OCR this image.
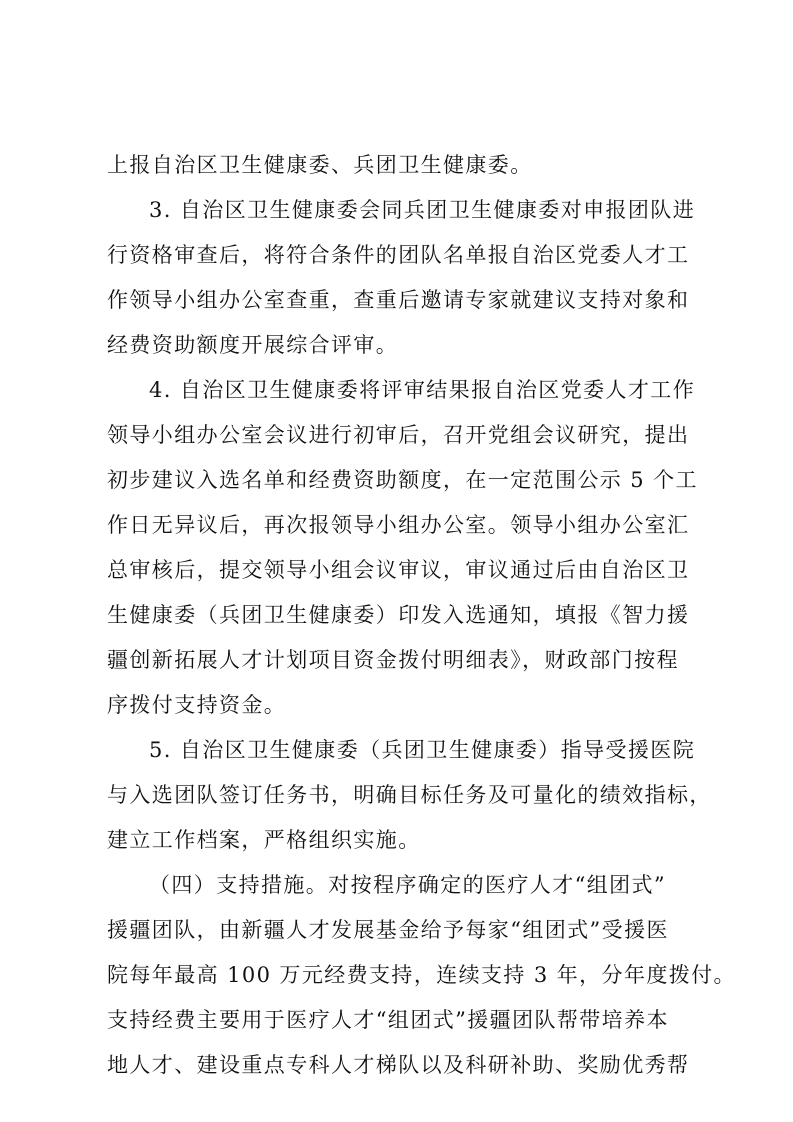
上报自治区卫生健康委、兵团卫生健康委。
3. 自治区卫生健康委会同兵团卫生健康委对申报团队进
行资格审查后，将符合条件的团队名单报自治区党委人才工
作领导小组办公室查重，查重后邀请专家就建议支持对象和
经费资助额度开展综合评审。
4. 自治区卫生健康委将评审结果报自治区党委人才工作
领导小组办公室会议进行初审后，召开党组会议研究，提出
初步建议入选名单和经费资助额度，在一定范围公示 5 个工
作日无异议后，再次报领导小组办公室。领导小组办公室汇
总审核后，提交领导小组会议审议，审议通过后由自治区卫
生健康委（兵团卫生健康委）印发入选通知，填报《智力援
疆创新拓展人才计划项目资金拨付明细表》，财政部门按程
序拨付支持资金。
5. 自治区卫生健康委（兵团卫生健康委）指导受援医院
与入选团队签订任务书，明确目标任务及可量化的绩效指标，
建立工作档案，严格组织实施。
（四）支持措施。对按程序确定的医疗人才“组团式”
援疆团队，由新疆人才发展基金给予每家“组团式”受援医
院每年最高 100 万元经费支持，连续支持 3 年，分年度拨付。
支持经费主要用于医疗人才“组团式”援疆团队帮带培养本
地人才、建设重点专科人才梯队以及科研补助、奖励优秀帮
